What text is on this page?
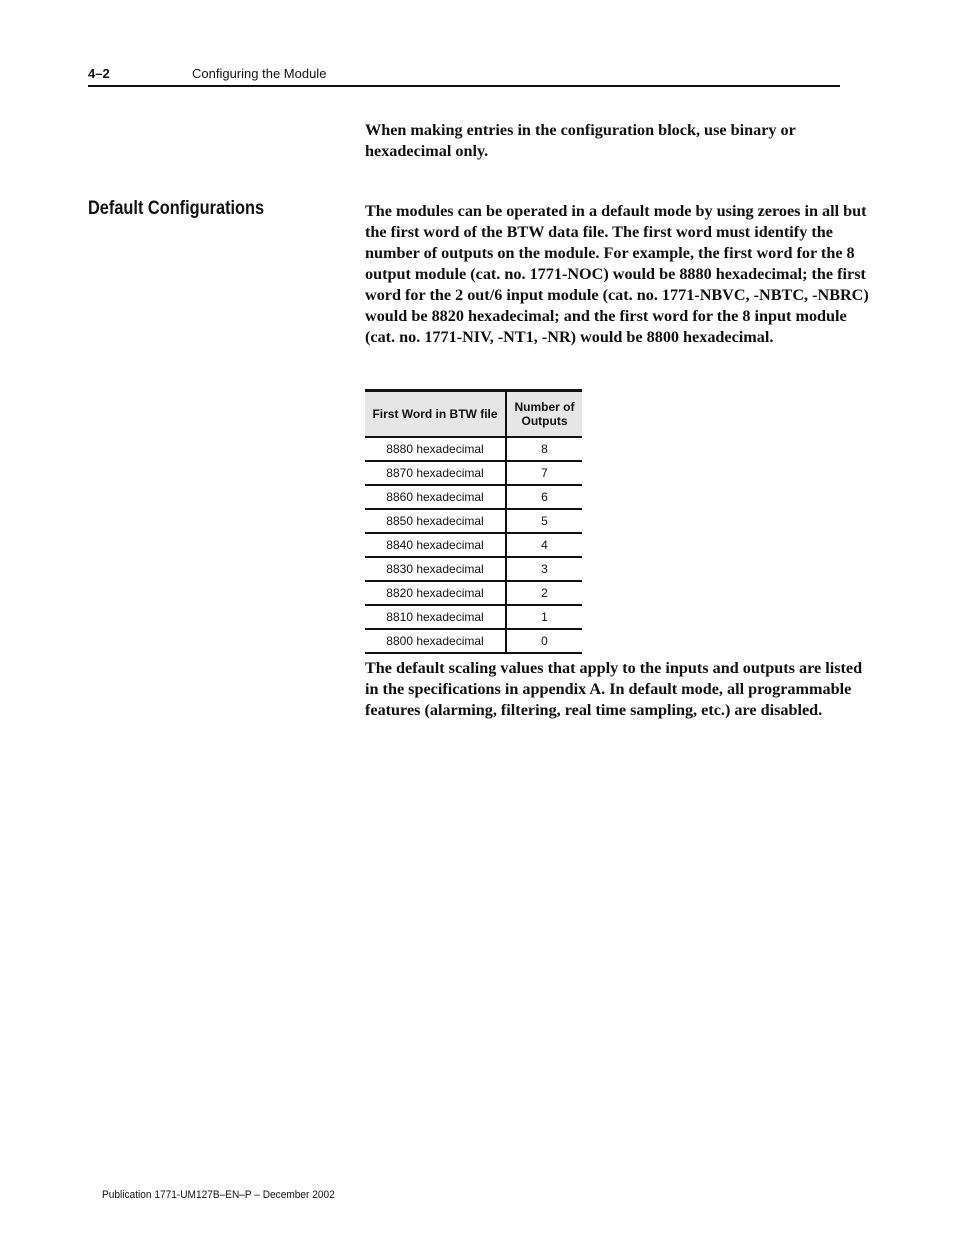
4–2	Configuring the Module

When making entries in the configuration block, use binary or hexadecimal only.

Default Configurations	The modules can be operated in a default mode by using zeroes in all but the first word of the BTW data file. The first word must identify the number of outputs on the module. For example, the first word for the 8 output module (cat. no. 1771-NOC) would be 8880 hexadecimal; the first word for the 2 out/6 input module (cat. no. 1771-NBVC, -NBTC, -NBRC) would be 8820 hexadecimal; and the first word for the 8 input module (cat. no. 1771-NIV, -NT1, -NR) would be 8800 hexadecimal.

First Word in BTW file	Number of Outputs
8880 hexadecimal	8
8870 hexadecimal	7
8860 hexadecimal	6
8850 hexadecimal	5
8840 hexadecimal	4
8830 hexadecimal	3
8820 hexadecimal	2
8810 hexadecimal	1
8800 hexadecimal	0

The default scaling values that apply to the inputs and outputs are listed in the specifications in appendix A. In default mode, all programmable features (alarming, filtering, real time sampling, etc.) are disabled.

Publication 1771-UM127B–EN–P – December 2002
